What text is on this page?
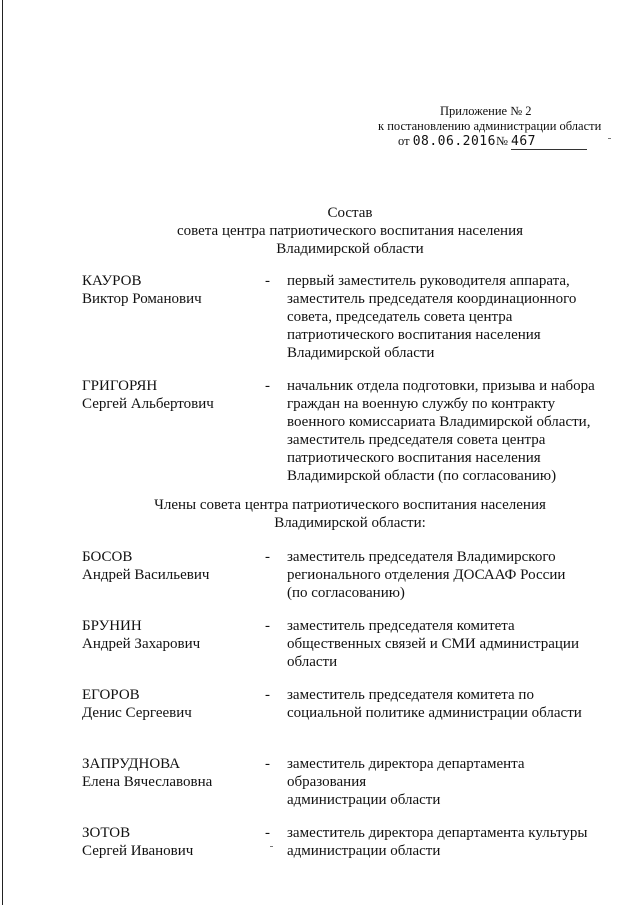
Приложение № 2
к постановлению администрации области
от 08.06.2016№ 467
Состав
совета центра патриотического воспитания населения
Владимирской области
КАУРОВ
Виктор Романович
- первый заместитель руководителя аппарата,
заместитель председателя координационного
совета, председатель совета центра
патриотического воспитания населения
Владимирской области
ГРИГОРЯН
Сергей Альбертович
- начальник отдела подготовки, призыва и набора
граждан на военную службу по контракту
военного комиссариата Владимирской области,
заместитель председателя совета центра
патриотического воспитания населения
Владимирской области (по согласованию)
Члены совета центра патриотического воспитания населения
Владимирской области:
БОСОВ
Андрей Васильевич
- заместитель председателя Владимирского
регионального отделения ДОСААФ России
(по согласованию)
БРУНИН
Андрей Захарович
- заместитель председателя комитета
общественных связей и СМИ администрации
области
ЕГОРОВ
Денис Сергеевич
- заместитель председателя комитета по
социальной политике администрации области
ЗАПРУДНОВА
Елена Вячеславовна
- заместитель директора департамента образования
администрации области
ЗОТОВ
Сергей Иванович
- заместитель директора департамента культуры
администрации области
